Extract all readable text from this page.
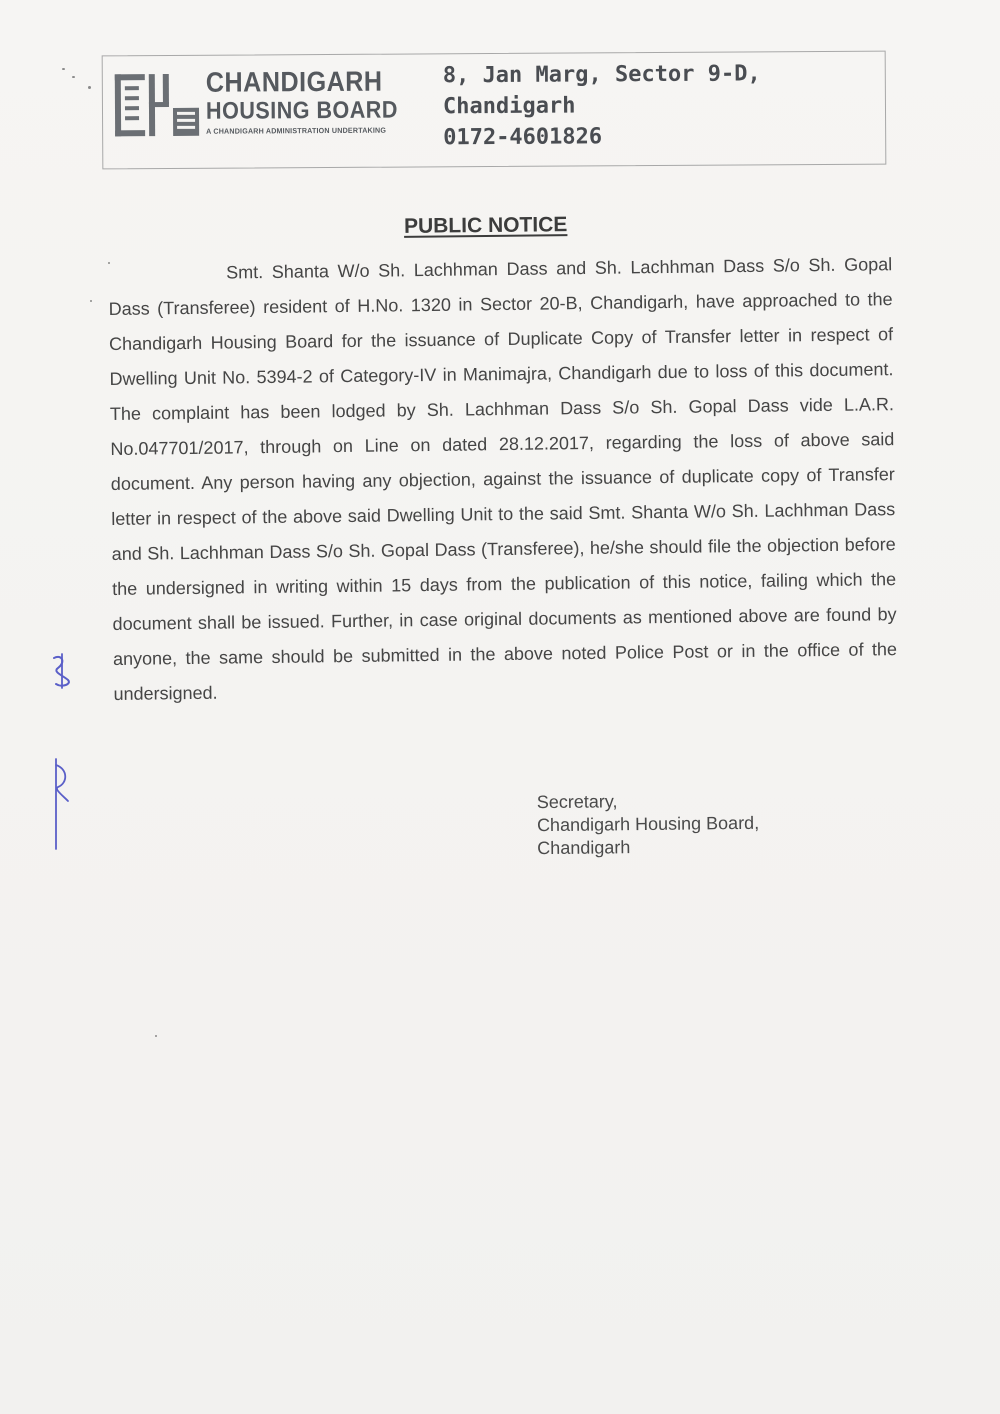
CHANDIGARH
HOUSING BOARD
A CHANDIGARH ADMINISTRATION UNDERTAKING
8, Jan Marg, Sector 9-D,
Chandigarh
0172-4601826
PUBLIC NOTICE
Smt. Shanta W/o Sh. Lachhman Dass and Sh. Lachhman Dass S/o Sh. Gopal Dass (Transferee) resident of H.No. 1320 in Sector 20-B, Chandigarh, have approached to the Chandigarh Housing Board for the issuance of Duplicate Copy of Transfer letter in respect of Dwelling Unit No. 5394-2 of Category-IV in Manimajra, Chandigarh due to loss of this document. The complaint has been lodged by Sh. Lachhman Dass S/o Sh. Gopal Dass vide L.A.R. No.047701/2017, through on Line on dated 28.12.2017, regarding the loss of above said document. Any person having any objection, against the issuance of duplicate copy of Transfer letter in respect of the above said Dwelling Unit to the said Smt. Shanta W/o Sh. Lachhman Dass and Sh. Lachhman Dass S/o Sh. Gopal Dass (Transferee), he/she should file the objection before the undersigned in writing within 15 days from the publication of this notice, failing which the document shall be issued. Further, in case original documents as mentioned above are found by anyone, the same should be submitted in the above noted Police Post or in the office of the undersigned.
Secretary,
Chandigarh Housing Board,
Chandigarh
